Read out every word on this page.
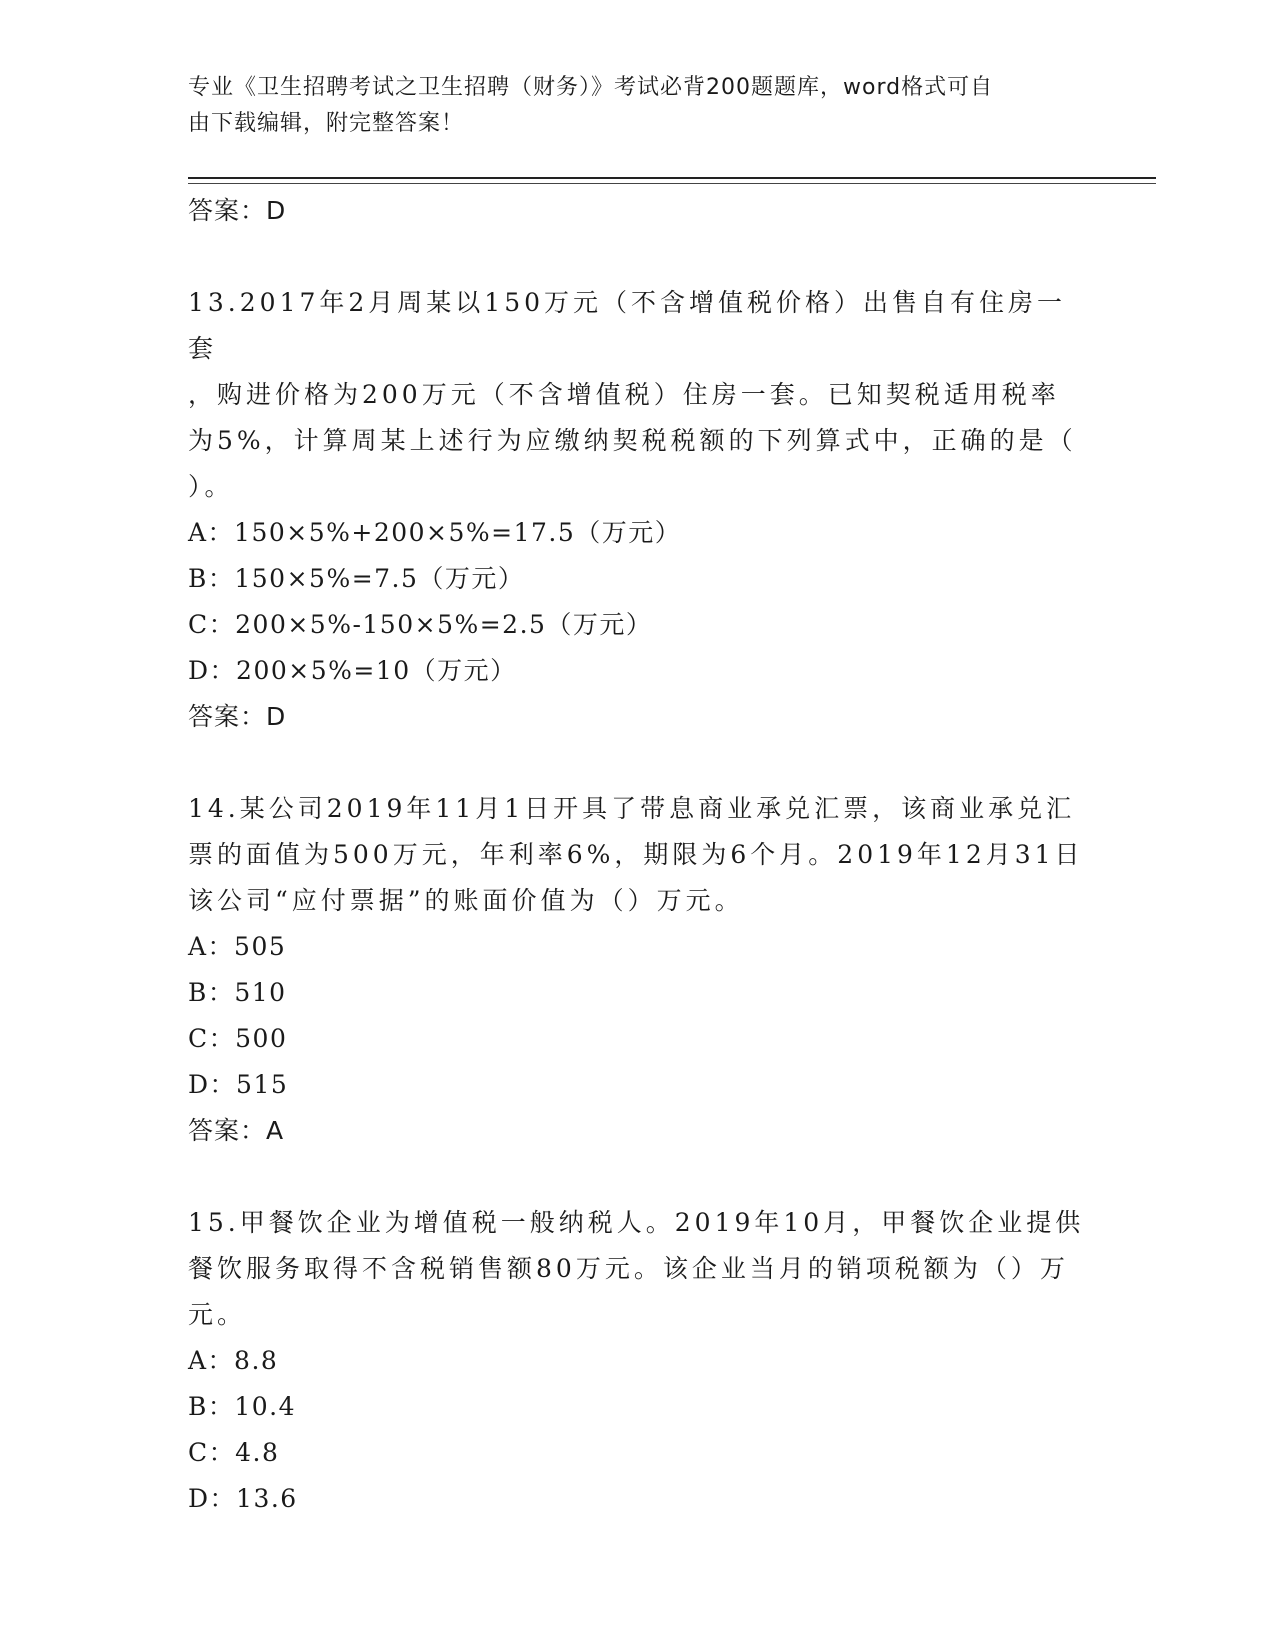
专业《卫生招聘考试之卫生招聘（财务）》考试必背200题题库，word格式可自
由下载编辑，附完整答案！

答案：D

13.2017年2月周某以150万元（不含增值税价格）出售自有住房一套

，购进价格为200万元（不含增值税）住房一套。已知契税适用税率

为5%，计算周某上述行为应缴纳契税税额的下列算式中，正确的是（

）。

A：150×5%+200×5%=17.5（万元）

B：150×5%=7.5（万元）

C：200×5%-150×5%=2.5（万元）

D：200×5%=10（万元）

答案：D

14.某公司2019年11月1日开具了带息商业承兑汇票，该商业承兑汇

票的面值为500万元，年利率6%，期限为6个月。2019年12月31日

该公司“应付票据”的账面价值为（）万元。

A：505

B：510

C：500

D：515

答案：A

15.甲餐饮企业为增值税一般纳税人。2019年10月，甲餐饮企业提供

餐饮服务取得不含税销售额80万元。该企业当月的销项税额为（）万

元。

A：8.8

B：10.4

C：4.8

D：13.6
